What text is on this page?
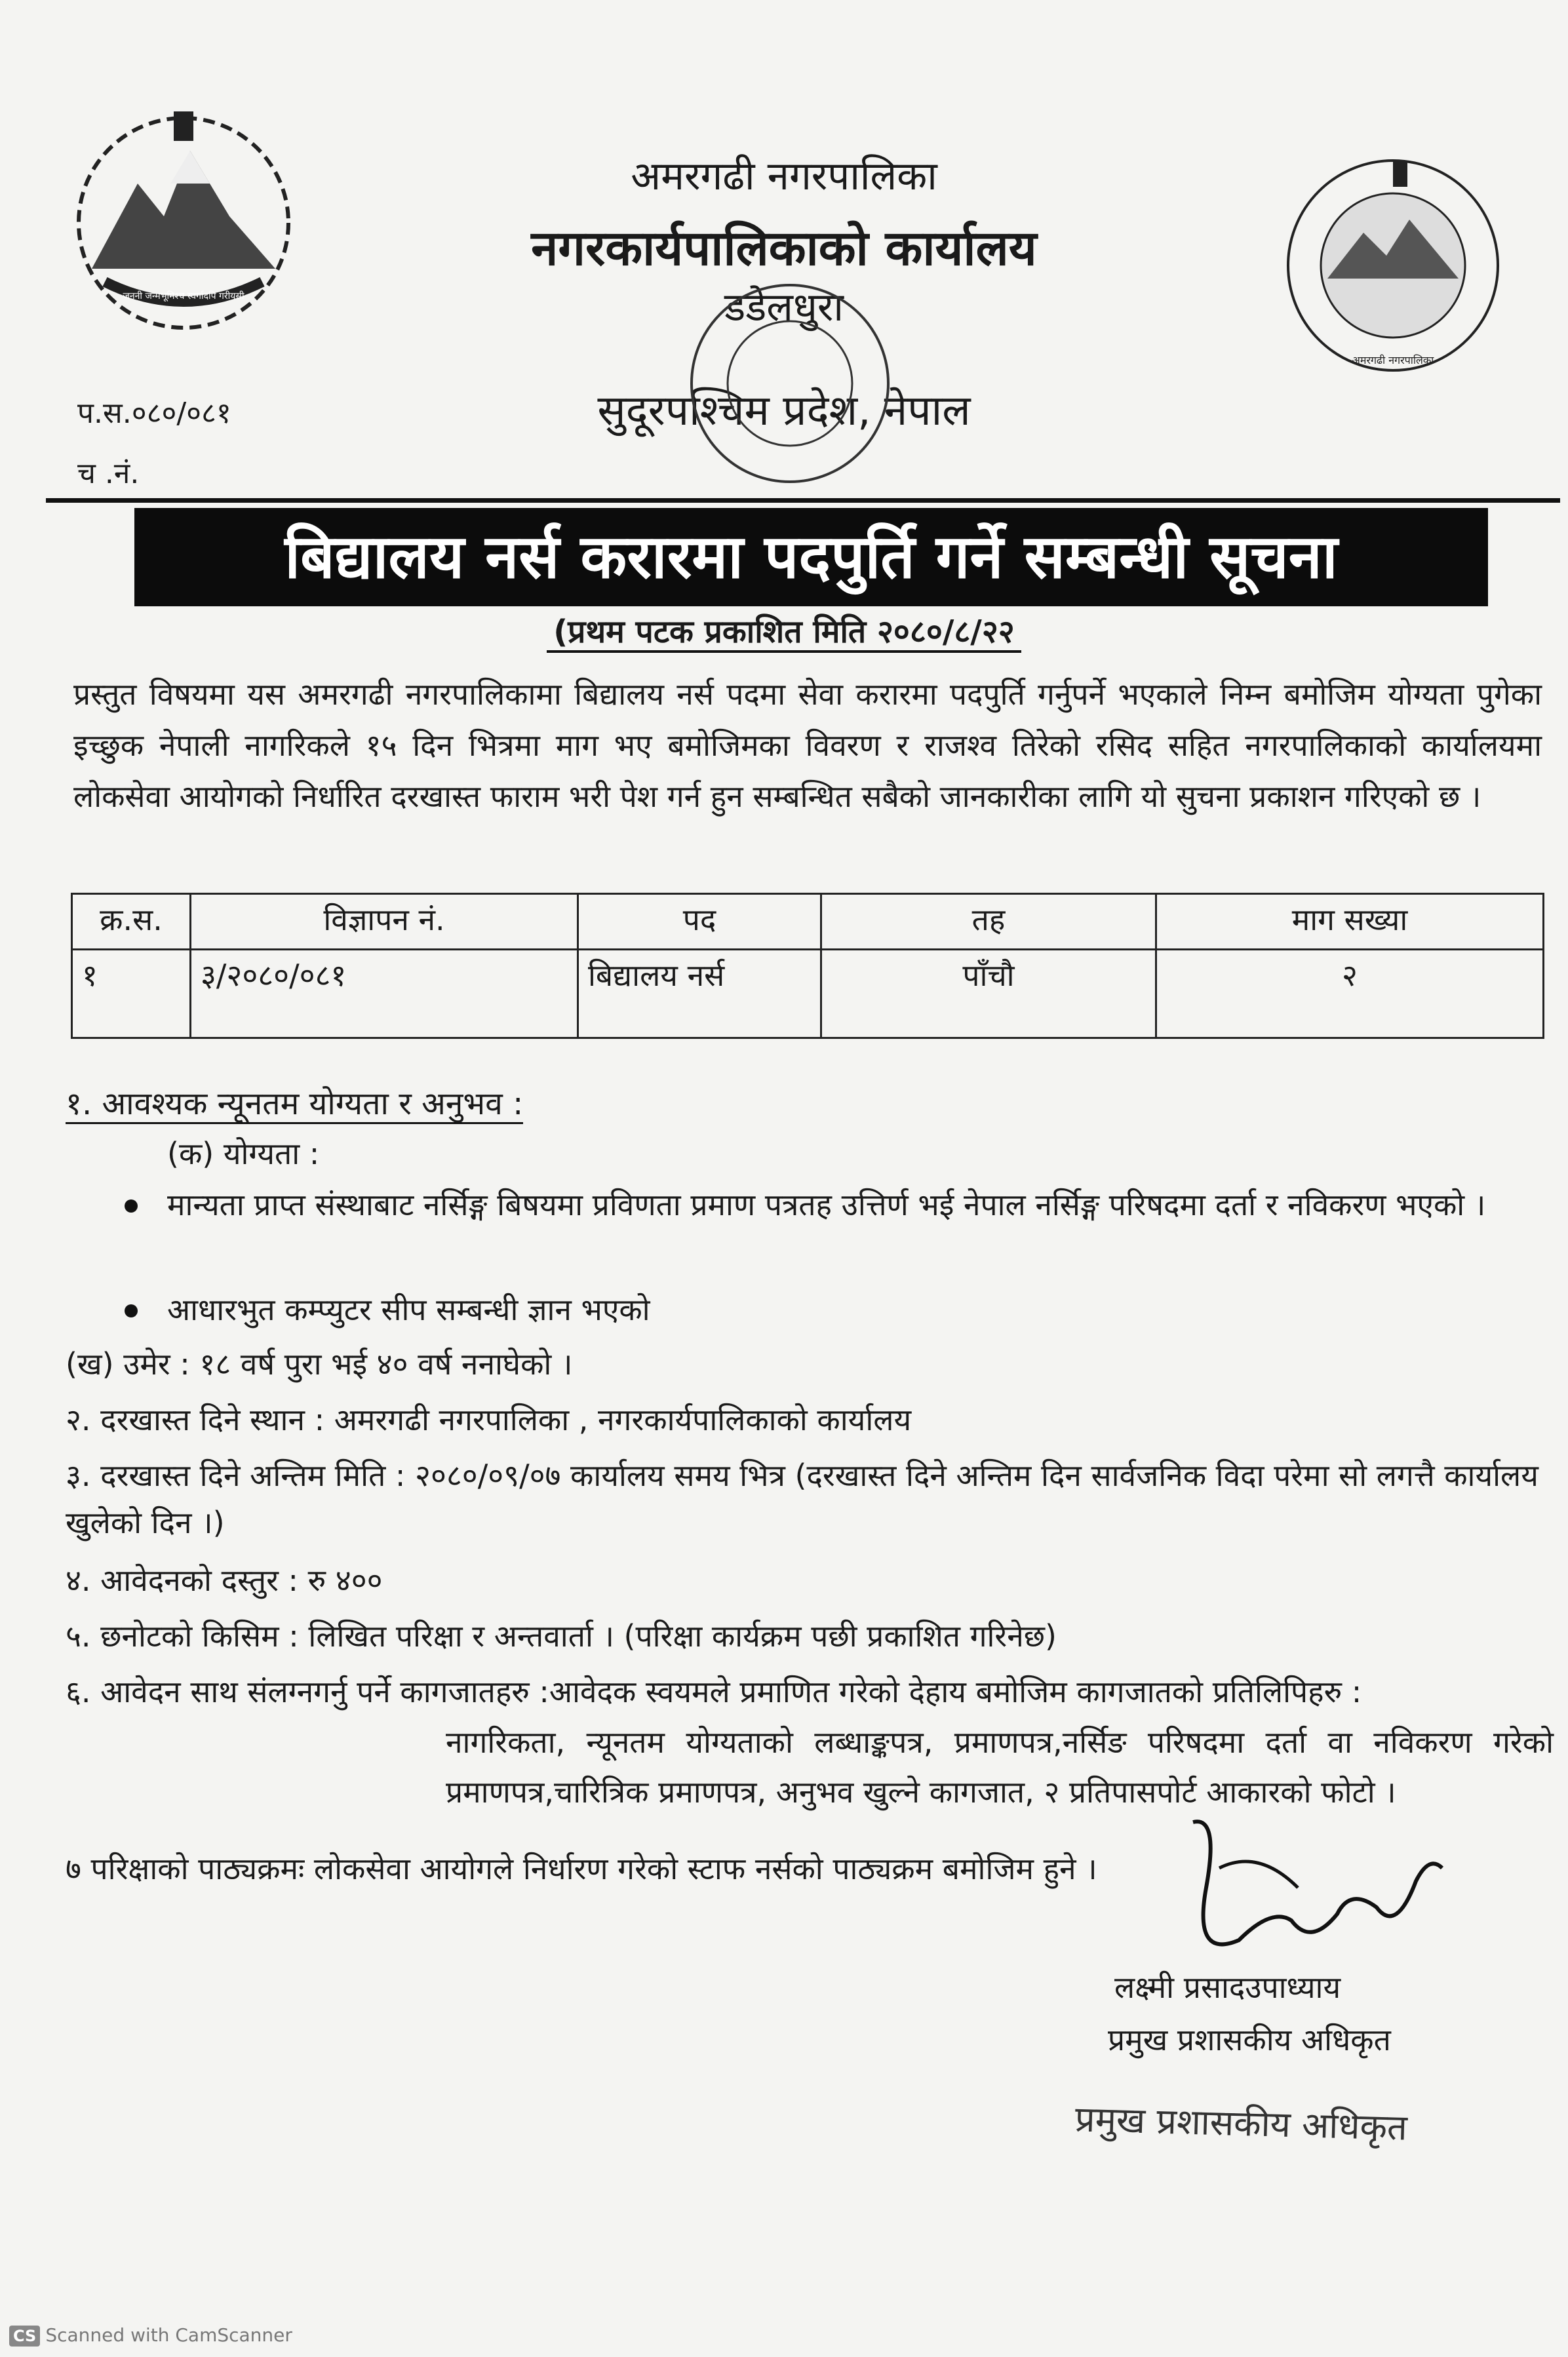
जननी जन्मभूमिश्च स्वर्गादपि गरीयसी
अमरगढी नगरपालिका
अमरगढी नगरपालिका
नगरकार्यपालिकाको कार्यालय
डडेलधुरा
सुदूरपश्चिम प्रदेश, नेपाल
प.स.०८०/०८१
च .नं.
बिद्यालय नर्स करारमा पदपुर्ति गर्ने सम्बन्धी सूचना
(प्रथम पटक प्रकाशित मिति २०८०/८/२२
प्रस्तुत विषयमा यस अमरगढी नगरपालिकामा बिद्यालय नर्स पदमा सेवा करारमा पदपुर्ति गर्नुपर्ने भएकाले निम्न बमोजिम योग्यता पुगेका इच्छुक नेपाली नागरिकले १५ दिन भित्रमा माग भए बमोजिमका विवरण र राजश्व तिरेको रसिद सहित नगरपालिकाको कार्यालयमा लोकसेवा आयोगको निर्धारित दरखास्त फाराम भरी पेश गर्न हुन सम्बन्धित सबैको जानकारीका लागि यो सुचना प्रकाशन गरिएको छ ।
क्र.स.	विज्ञापन नं.	पद	तह	माग सख्या
१	३/२०८०/०८१	बिद्यालय नर्स	पाँचौ	२
१. आवश्यक न्यूनतम योग्यता र अनुभव :
(क) योग्यता :
मान्यता प्राप्त संस्थाबाट नर्सिङ्ग बिषयमा प्रविणता प्रमाण पत्रतह उत्तिर्ण भई नेपाल नर्सिङ्ग परिषदमा दर्ता र नविकरण भएको ।
आधारभुत कम्प्युटर सीप सम्बन्धी ज्ञान भएको
(ख) उमेर : १८ वर्ष पुरा भई ४० वर्ष ननाघेको ।
२. दरखास्त दिने स्थान : अमरगढी नगरपालिका , नगरकार्यपालिकाको कार्यालय
३. दरखास्त दिने अन्तिम मिति : २०८०/०९/०७ कार्यालय समय भित्र (दरखास्त दिने अन्तिम दिन सार्वजनिक विदा परेमा सो लगत्तै कार्यालय खुलेको दिन ।)
४. आवेदनको दस्तुर : रु ४००
५. छनोटको किसिम : लिखित परिक्षा र अन्तवार्ता । (परिक्षा कार्यक्रम पछी प्रकाशित गरिनेछ)
६. आवेदन साथ संलग्नगर्नु पर्ने कागजातहरु :आवेदक स्वयमले प्रमाणित गरेको देहाय बमोजिम कागजातको प्रतिलिपिहरु :
नागरिकता, न्यूनतम योग्यताको लब्धाङ्कपत्र, प्रमाणपत्र,नर्सिङ परिषदमा दर्ता वा नविकरण गरेको प्रमाणपत्र,चारित्रिक प्रमाणपत्र, अनुभव खुल्ने कागजात, २ प्रतिपासपोर्ट आकारको फोटो ।
७ परिक्षाको पाठ्यक्रमः लोकसेवा आयोगले निर्धारण गरेको स्टाफ नर्सको पाठ्यक्रम बमोजिम हुने ।
लक्ष्मी प्रसादउपाध्याय
प्रमुख प्रशासकीय अधिकृत
प्रमुख प्रशासकीय अधिकृत
CS Scanned with CamScanner
